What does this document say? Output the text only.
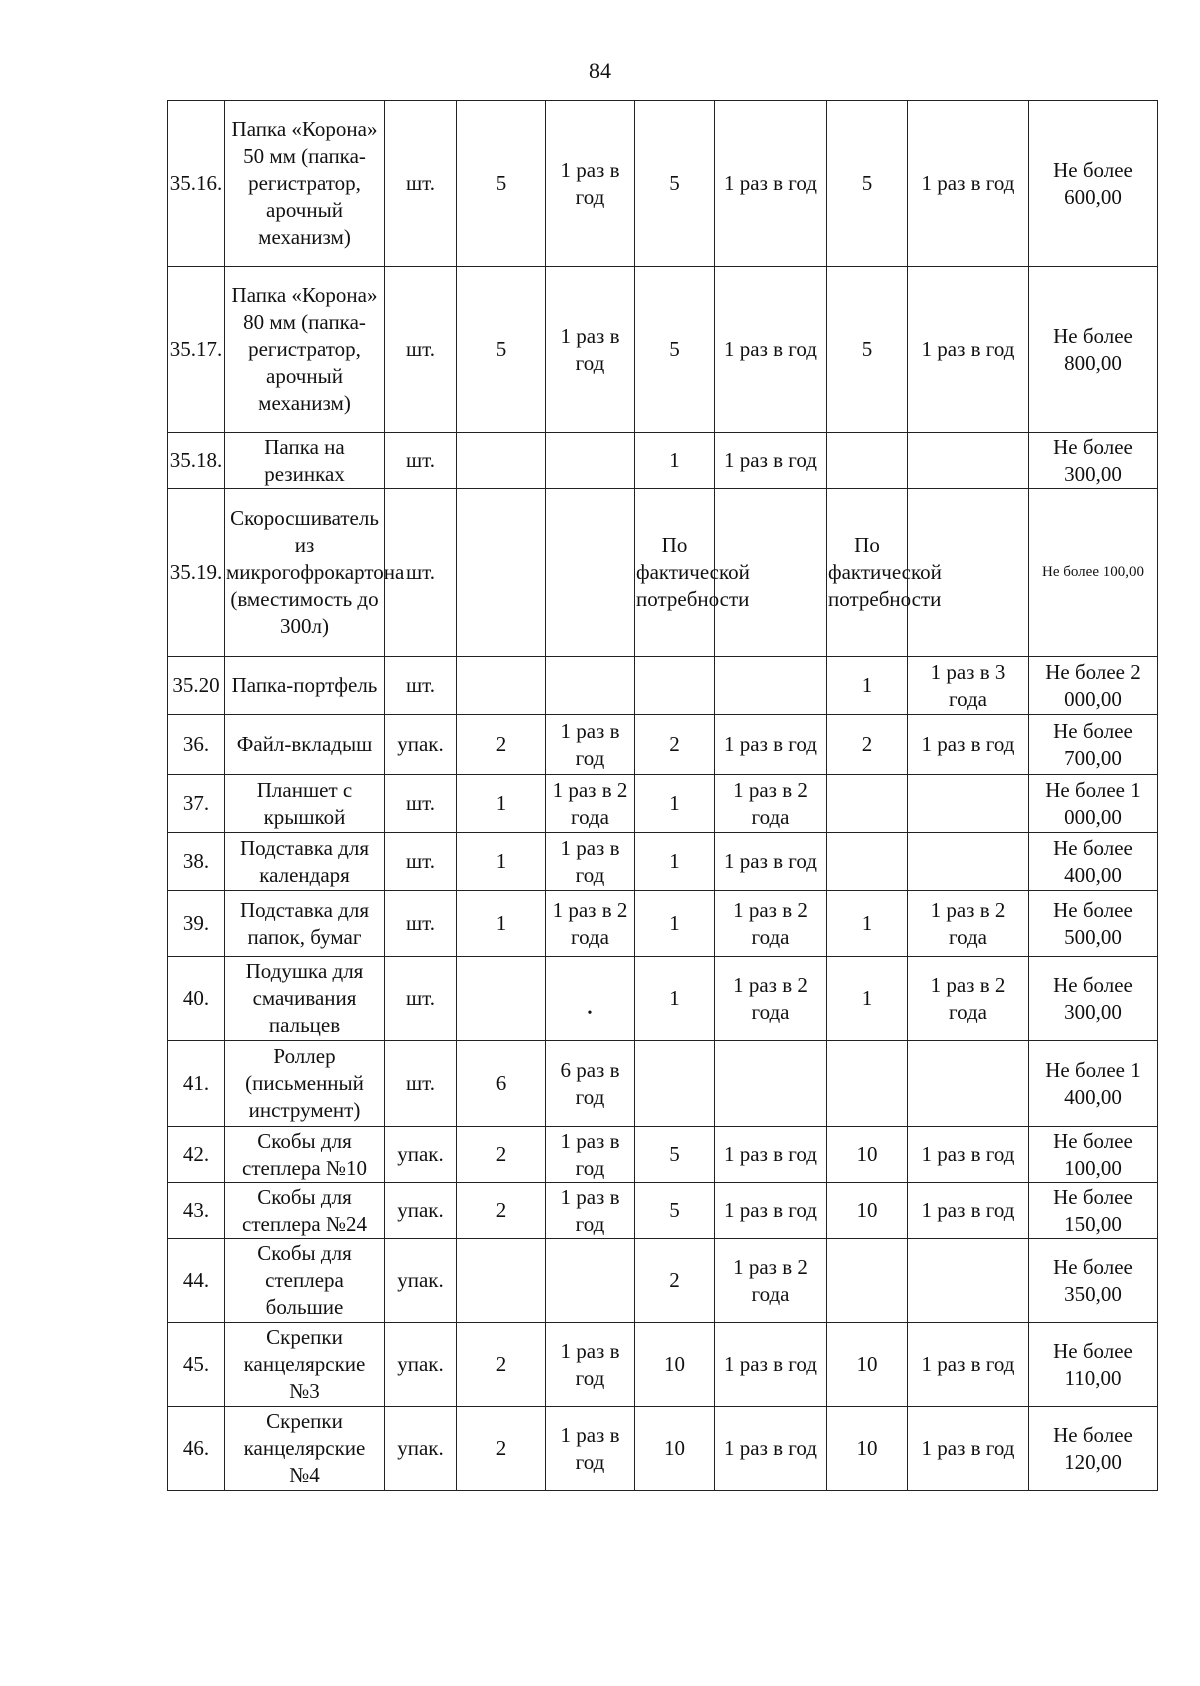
84
35.16.	Папка «Корона» 50 мм (папка-регистратор, арочный механизм)	шт.	5	1 раз в год	5	1 раз в год	5	1 раз в год	Не более 600,00
35.17.	Папка «Корона» 80 мм (папка-регистратор, арочный механизм)	шт.	5	1 раз в год	5	1 раз в год	5	1 раз в год	Не более 800,00
35.18.	Папка на резинках	шт.			1	1 раз в год			Не более 300,00
35.19.	Скоросшиватель из микрогофрокартона (вместимость до 300л)	шт.			По фактической потребности		По фактической потребности		Не более 100,00
35.20	Папка-портфель	шт.					1	1 раз в 3 года	Не более 2 000,00
36.	Файл-вкладыш	упак.	2	1 раз в год	2	1 раз в год	2	1 раз в год	Не более 700,00
37.	Планшет с крышкой	шт.	1	1 раз в 2 года	1	1 раз в 2 года			Не более 1 000,00
38.	Подставка для календаря	шт.	1	1 раз в год	1	1 раз в год			Не более 400,00
39.	Подставка для папок, бумаг	шт.	1	1 раз в 2 года	1	1 раз в 2 года	1	1 раз в 2 года	Не более 500,00
40.	Подушка для смачивания пальцев	шт.		•	1	1 раз в 2 года	1	1 раз в 2 года	Не более 300,00
41.	Роллер (письменный инструмент)	шт.	6	6 раз в год					Не более 1 400,00
42.	Скобы для степлера №10	упак.	2	1 раз в год	5	1 раз в год	10	1 раз в год	Не более 100,00
43.	Скобы для степлера №24	упак.	2	1 раз в год	5	1 раз в год	10	1 раз в год	Не более 150,00
44.	Скобы для степлера большие	упак.			2	1 раз в 2 года			Не более 350,00
45.	Скрепки канцелярские №3	упак.	2	1 раз в год	10	1 раз в год	10	1 раз в год	Не более 110,00
46.	Скрепки канцелярские №4	упак.	2	1 раз в год	10	1 раз в год	10	1 раз в год	Не более 120,00
